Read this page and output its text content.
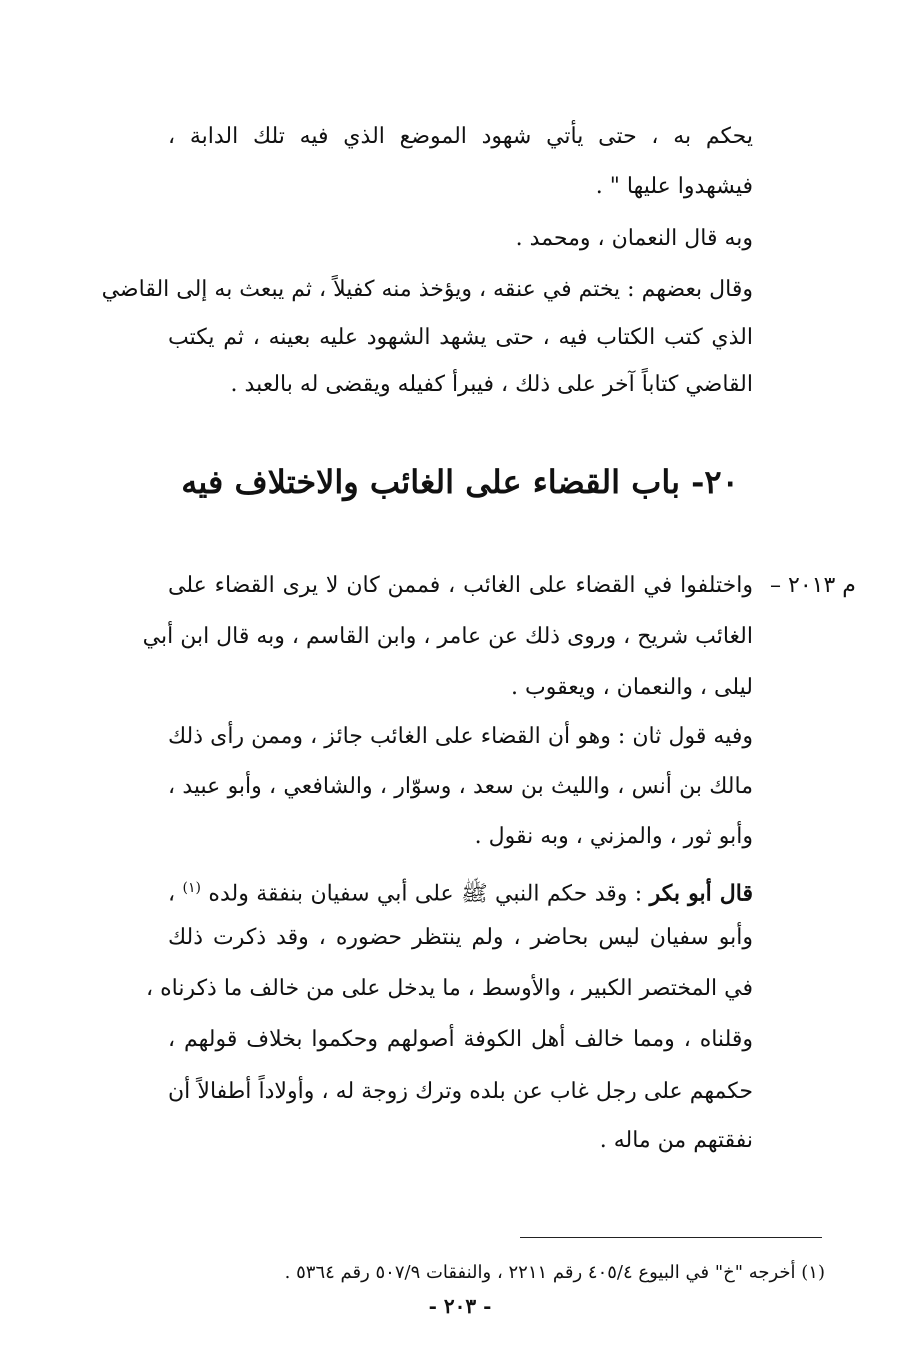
يحكم به ، حتى يأتي شهود الموضع الذي فيه تلك الدابة ،
فيشهدوا عليها " .
وبه قال النعمان ، ومحمد .
وقال بعضهم : يختم في عنقه ، ويؤخذ منه كفيلاً ، ثم يبعث به إلى القاضي
الذي كتب الكتاب فيه ، حتى يشهد الشهود عليه بعينه ، ثم يكتب
القاضي كتاباً آخر على ذلك ، فيبرأ كفيله ويقضى له بالعبد .
٢٠- باب القضاء على الغائب والاختلاف فيه
م ٢٠١٣ –
واختلفوا في القضاء على الغائب ، فممن كان لا يرى القضاء على
الغائب شريح ، وروى ذلك عن عامر ، وابن القاسم ، وبه قال ابن أبي
ليلى ، والنعمان ، ويعقوب .
وفيه قول ثان : وهو أن القضاء على الغائب جائز ، وممن رأى ذلك
مالك بن أنس ، والليث بن سعد ، وسوّار ، والشافعي ، وأبو عبيد ،
وأبو ثور ، والمزني ، وبه نقول .
قال أبو بكر : وقد حكم النبي ﷺ على أبي سفيان بنفقة ولده $^{(١)}$ ،
وأبو سفيان ليس بحاضر ، ولم ينتظر حضوره ، وقد ذكرت ذلك
في المختصر الكبير ، والأوسط ، ما يدخل على من خالف ما ذكرناه ،
وقلناه ، ومما خالف أهل الكوفة أصولهم وحكموا بخلاف قولهم ،
حكمهم على رجل غاب عن بلده وترك زوجة له ، وأولاداً أطفالاً أن
نفقتهم من ماله .
(١) أخرجه "خ" في البيوع ٤٠٥/٤ رقم ٢٢١١ ، والنفقات ٥٠٧/٩ رقم ٥٣٦٤ .
- ٢٠٣ -
